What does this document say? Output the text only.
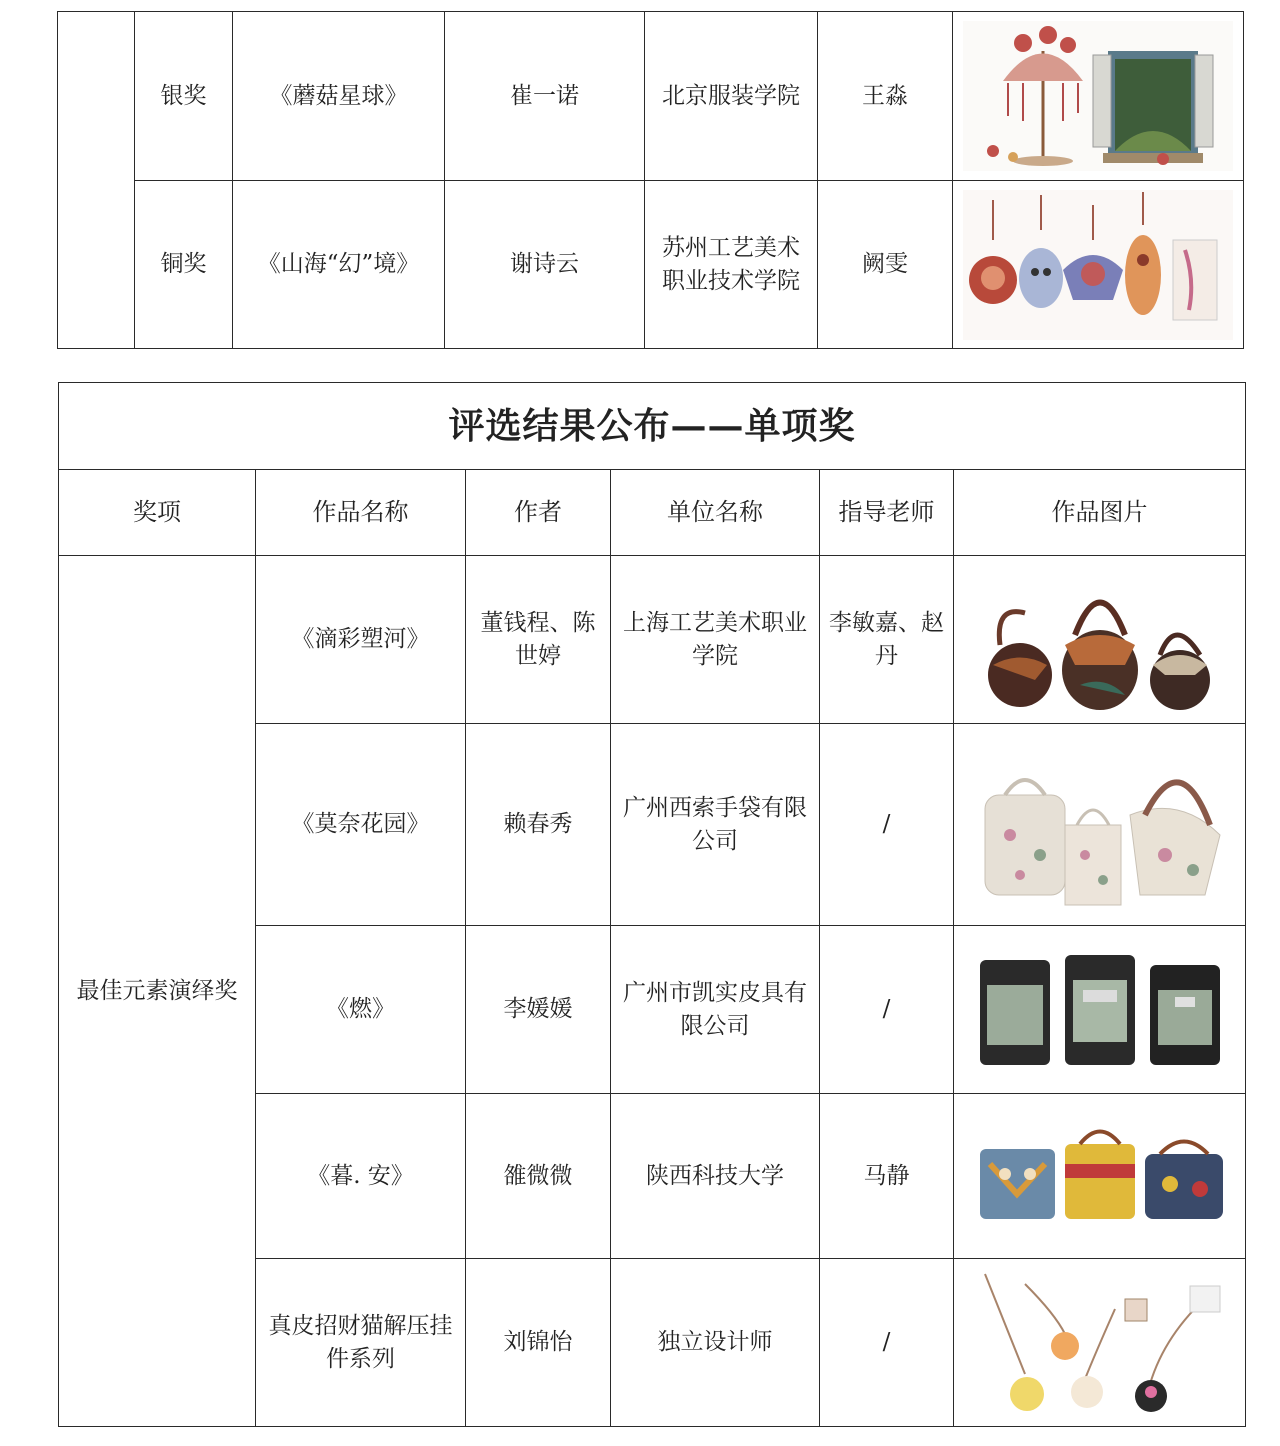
	银奖	《蘑菇星球》	崔一诺	北京服装学院	王淼	

	铜奖	《山海“幻”境》	谢诗云	苏州工艺美术职业技术学院	阙雯	
评选结果公布——单项奖					
奖项	作品名称	作者	单位名称	指导老师	作品图片
最佳元素演绎奖	《滴彩塑河》	董钱程、陈世婷	上海工艺美术职业学院	李敏嘉、赵丹	

	《莫奈花园》	赖春秀	广州西索手袋有限公司	/	

	《燃》	李媛媛	广州市凯实皮具有限公司	/	

	《暮. 安》	雒微微	陕西科技大学	马静	

	真皮招财猫解压挂件系列	刘锦怡	独立设计师	/	
